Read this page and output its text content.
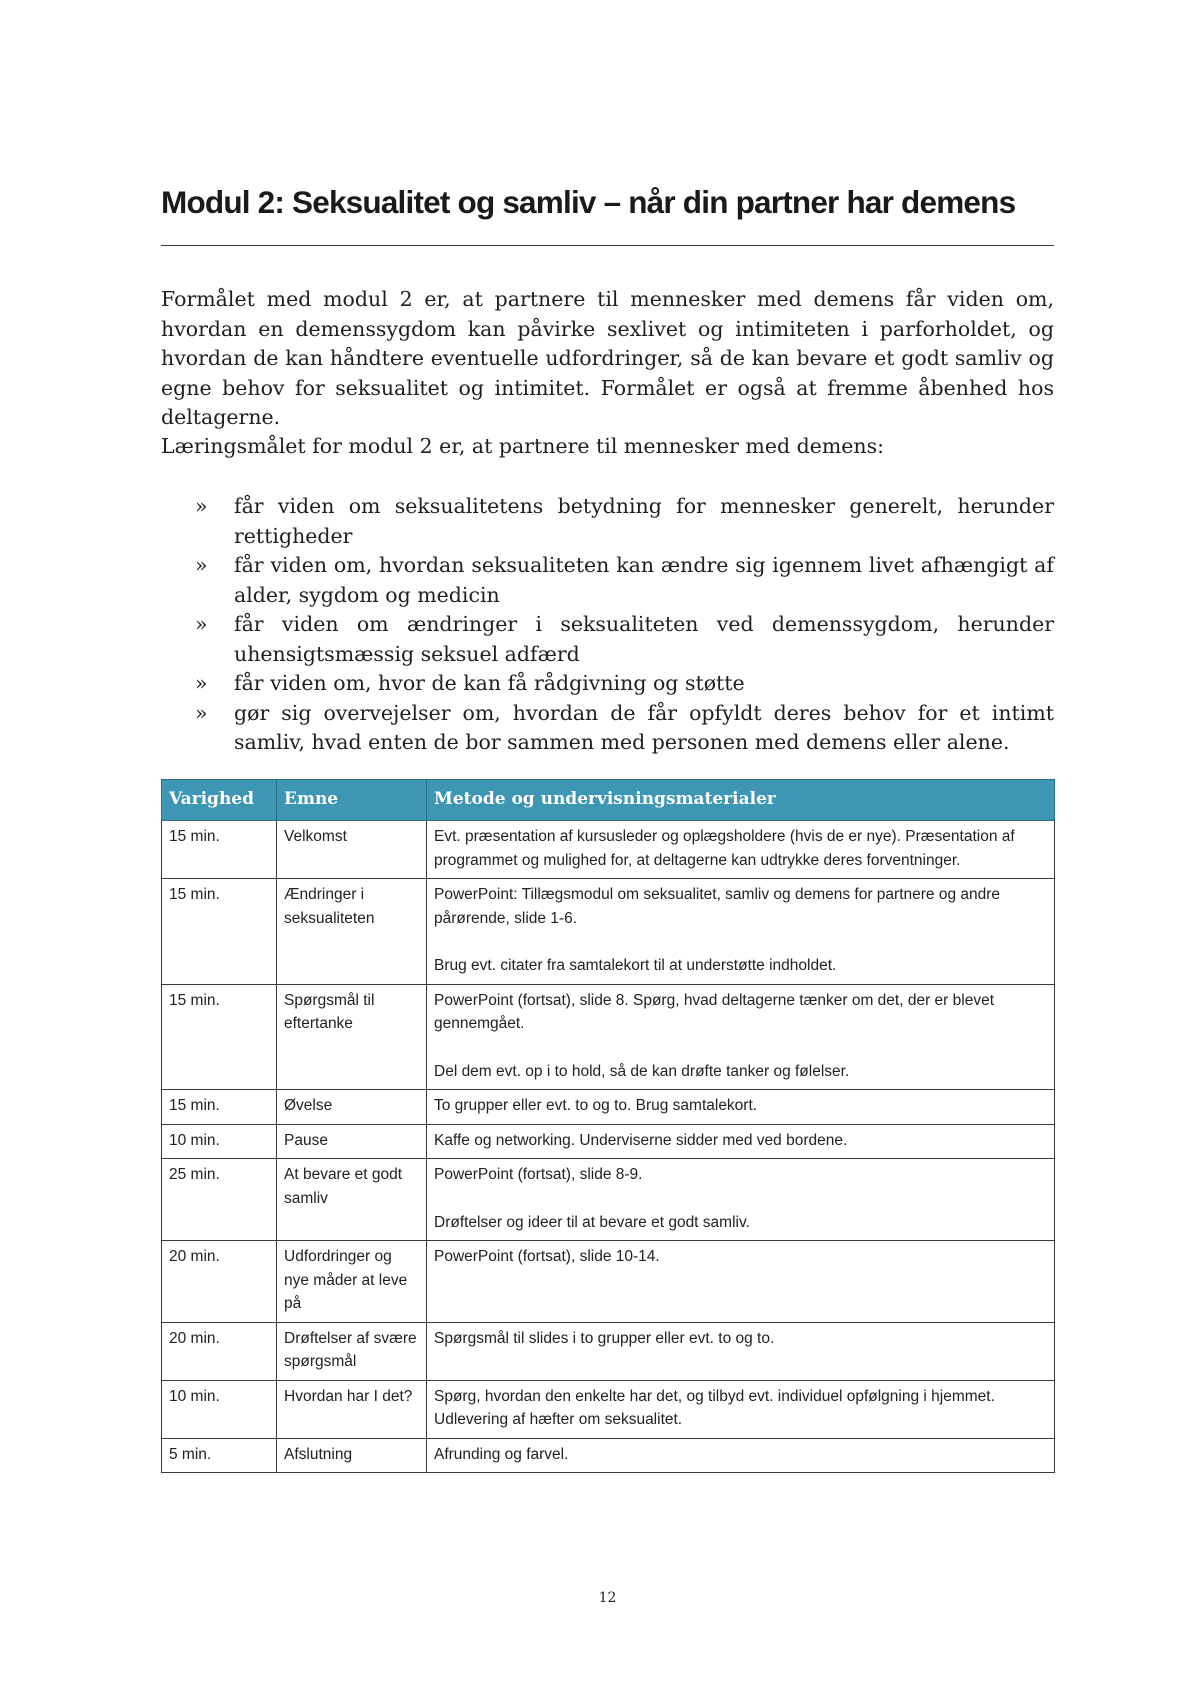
Modul 2: Seksualitet og samliv – når din partner har demens

Formålet med modul 2 er, at partnere til mennesker med demens får viden om, hvordan en demenssygdom kan påvirke sexlivet og intimiteten i parforholdet, og hvordan de kan håndtere eventuelle udfordringer, så de kan bevare et godt samliv og egne behov for seksualitet og intimitet. Formålet er også at fremme åbenhed hos deltagerne.

Læringsmålet for modul 2 er, at partnere til mennesker med demens:

» får viden om seksualitetens betydning for mennesker generelt, herunder rettigheder
» får viden om, hvordan seksualiteten kan ændre sig igennem livet afhængigt af alder, sygdom og medicin
» får viden om ændringer i seksualiteten ved demenssygdom, herunder uhensigtsmæssig seksuel adfærd
» får viden om, hvor de kan få rådgivning og støtte
» gør sig overvejelser om, hvordan de får opfyldt deres behov for et intimt samliv, hvad enten de bor sammen med personen med demens eller alene.
Varighed	Emne	Metode og undervisningsmaterialer
15 min.	Velkomst	Evt. præsentation af kursusleder og oplægsholdere (hvis de er nye). Præsentation af programmet og mulighed for, at deltagerne kan udtrykke deres forventninger.

15 min.	Ændringer i seksualiteten	PowerPoint: Tillægsmodul om seksualitet, samliv og demens for partnere og andre pårørende, slide 1-6.
Brug evt. citater fra samtalekort til at understøtte indholdet.

15 min.	Spørgsmål til eftertanke	PowerPoint (fortsat), slide 8. Spørg, hvad deltagerne tænker om det, der er blevet gennemgået.
Del dem evt. op i to hold, så de kan drøfte tanker og følelser.

15 min.	Øvelse	To grupper eller evt. to og to. Brug samtalekort.

10 min.	Pause	Kaffe og networking. Underviserne sidder med ved bordene.

25 min.	At bevare et godt samliv	PowerPoint (fortsat), slide 8-9.
Drøftelser og ideer til at bevare et godt samliv.

20 min.	Udfordringer og nye måder at leve på	PowerPoint (fortsat), slide 10-14.

20 min.	Drøftelser af svære spørgsmål	Spørgsmål til slides i to grupper eller evt. to og to.

10 min.	Hvordan har I det?	Spørg, hvordan den enkelte har det, og tilbyd evt. individuel opfølgning i hjemmet. Udlevering af hæfter om seksualitet.

5 min.	Afslutning	Afrunding og farvel.
12
